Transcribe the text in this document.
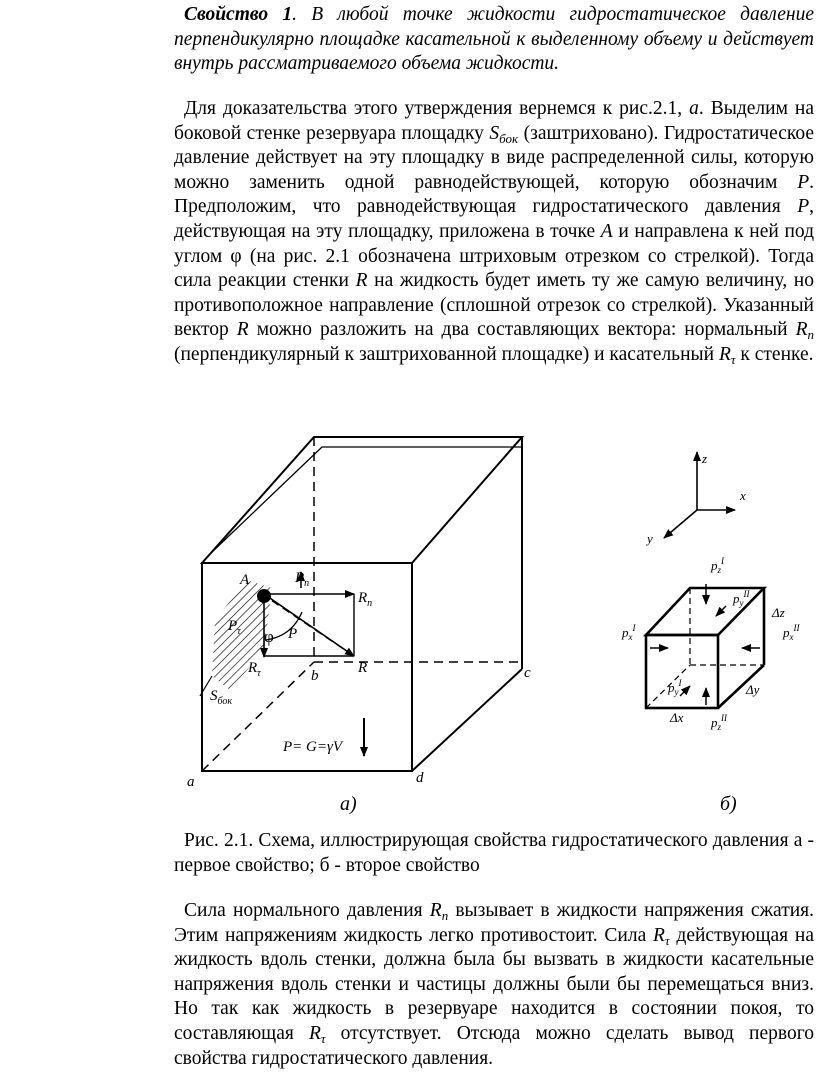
Свойство 1. В любой точке жидкости гидростатическое давление перпендикулярно площадке касательной к выделенному объему и действует внутрь рассматриваемого объема жидкости.
Для доказательства этого утверждения вернемся к рис.2.1, а. Выделим на боковой стенке резервуара площадку $S_{бок}$ (заштриховано). Гидростатическое давление действует на эту площадку в виде распределенной силы, которую можно заменить одной равнодействующей, которую обозначим P. Предположим, что равнодействующая гидростатического давления P, действующая на эту площадку, приложена в точке A и направлена к ней под углом φ (на рис. 2.1 обозначена штриховым отрезком со стрелкой). Тогда сила реакции стенки R на жидкость будет иметь ту же самую величину, но противоположное направление (сплошной отрезок со стрелкой). Указанный вектор R можно разложить на два составляющих вектора: нормальный $R_n$ (перпендикулярный к заштрихованной площадке) и касательный $R_\tau$ к стенке.
A	$P_n$
$R_n$
$P_\tau$ φ P
$R_\tau$	b	R	c
$S_{бок}$
P= G=γV
a	d
а)
z
x
y
$p_z^I$
$p_y^{II}$
Δz
$p_x^I$	$p_x^{II}$
$p_y^I$	Δy
Δx $p_z^{II}$
б)
Рис. 2.1. Схема, иллюстрирующая свойства гидростатического давления а - первое свойство; б - второе свойство
Сила нормального давления $R_n$ вызывает в жидкости напряжения сжатия. Этим напряжениям жидкость легко противостоит. Сила $R_\tau$ действующая на жидкость вдоль стенки, должна была бы вызвать в жидкости касательные напряжения вдоль стенки и частицы должны были бы перемещаться вниз. Но так как жидкость в резервуаре находится в состоянии покоя, то составляющая $R_\tau$ отсутствует. Отсюда можно сделать вывод первого свойства гидростатического давления.
